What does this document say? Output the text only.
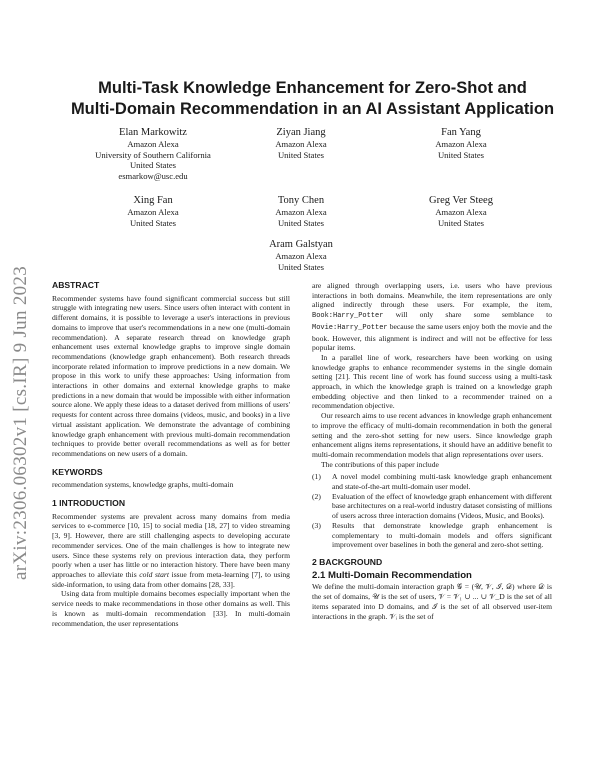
arXiv:2306.06302v1 [cs.IR] 9 Jun 2023
Multi-Task Knowledge Enhancement for Zero-Shot and
Multi-Domain Recommendation in an AI Assistant Application
Elan Markowitz
Amazon Alexa
University of Southern California
United States
esmarkow@usc.edu
Ziyan Jiang
Amazon Alexa
United States
Fan Yang
Amazon Alexa
United States
Xing Fan
Amazon Alexa
United States
Tony Chen
Amazon Alexa
United States
Greg Ver Steeg
Amazon Alexa
United States
Aram Galstyan
Amazon Alexa
United States

ABSTRACT

Recommender systems have found significant commercial success but still struggle with integrating new users. Since users often interact with content in different domains, it is possible to leverage a user's interactions in previous domains to improve that user's recommendations in a new one (multi-domain recommendation). A separate research thread on knowledge graph enhancement uses external knowledge graphs to improve single domain recommendations (knowledge graph enhancement). Both research threads incorporate related information to improve predictions in a new domain. We propose in this work to unify these approaches: Using information from interactions in other domains and external knowledge graphs to make predictions in a new domain that would be impossible with either information source alone. We apply these ideas to a dataset derived from millions of users' requests for content across three domains (videos, music, and books) in a live virtual assistant application. We demonstrate the advantage of combining knowledge graph enhancement with previous multi-domain recommendation techniques to provide better overall recommendations as well as for better recommendations on new users of a domain.

KEYWORDS

recommendation systems, knowledge graphs, multi-domain

1 INTRODUCTION

Recommender systems are prevalent across many domains from media services to e-commerce [10, 15] to social media [18, 27] to video streaming [3, 9]. However, there are still challenging aspects to developing accurate recommender services. One of the main challenges is how to integrate new users. Since these systems rely on previous interaction data, they perform poorly when a user has little or no interaction history. There have been many approaches to alleviate this cold start issue from meta-learning [7], to using side-information, to using data from other domains [28, 33].

Using data from multiple domains becomes especially important when the service needs to make recommendations in those other domains as well. This is known as multi-domain recommendation [33]. In multi-domain recommendation, the user representations

are aligned through overlapping users, i.e. users who have previous interactions in both domains. Meanwhile, the item representations are only aligned indirectly through these users. For example, the item, Book:Harry_Potter will only share some semblance to Movie:Harry_Potter because the same users enjoy both the movie and the book. However, this alignment is indirect and will not be effective for less popular items.

In a parallel line of work, researchers have been working on using knowledge graphs to enhance recommender systems in the single domain setting [21]. This recent line of work has found success using a multi-task approach, in which the knowledge graph is trained on a knowledge graph embedding objective and then linked to a recommender trained on a recommendation objective.

Our research aims to use recent advances in knowledge graph enhancement to improve the efficacy of multi-domain recommendation in both the general setting and the zero-shot setting for new users. Since knowledge graph enhancement aligns items representations, it should have an additive benefit to multi-domain recommendation models that align representations over users.

The contributions of this paper include

(1)	A novel model combining multi-task knowledge graph enhancement and state-of-the-art multi-domain user model.

(2)	Evaluation of the effect of knowledge graph enhancement with different base architectures on a real-world industry dataset consisting of millions of users across three interaction domains (Videos, Music, and Books).

(3)	Results that demonstrate knowledge graph enhancement is complementary to multi-domain models and offers significant improvement over baselines in both the general and zero-shot setting.

2 BACKGROUND

2.1 Multi-Domain Recommendation

We define the multi-domain interaction graph 𝒢 = (𝒰, 𝒱, ℐ, 𝒟) where 𝒟 is the set of domains, 𝒰 is the set of users, 𝒱 = 𝒱₁ ∪ ... ∪ 𝒱_D is the set of all items separated into D domains, and ℐ is the set of all observed user-item interactions in the graph. 𝒱ᵢ is the set of
